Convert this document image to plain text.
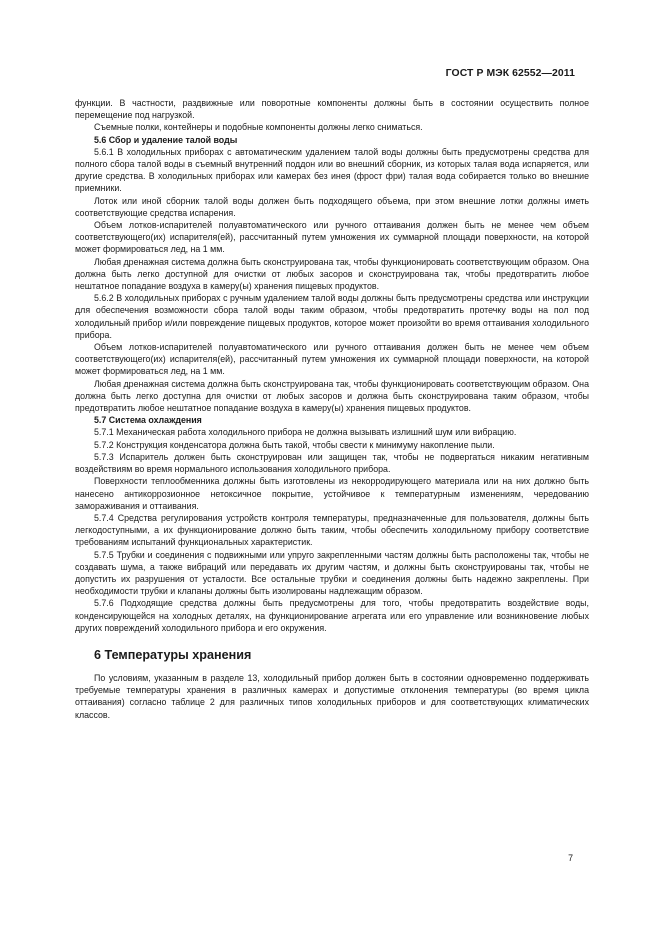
ГОСТ Р МЭК 62552—2011

функции. В частности, раздвижные или поворотные компоненты должны быть в состоянии осуществить полное перемещение под нагрузкой.

Съемные полки, контейнеры и подобные компоненты должны легко сниматься.

5.6 Сбор и удаление талой воды

5.6.1 В холодильных приборах с автоматическим удалением талой воды должны быть предусмотрены средства для полного сбора талой воды в съемный внутренний поддон или во внешний сборник, из которых талая вода испаряется, или другие средства. В холодильных приборах или камерах без инея (фрост фри) талая вода собирается только во внешние приемники.

Лоток или иной сборник талой воды должен быть подходящего объема, при этом внешние лотки должны иметь соответствующие средства испарения.

Объем лотков-испарителей полуавтоматического или ручного оттаивания должен быть не менее чем объем соответствующего(их) испарителя(ей), рассчитанный путем умножения их суммарной площади поверхности, на которой может формироваться лед, на 1 мм.

Любая дренажная система должна быть сконструирована так, чтобы функционировать соответствующим образом. Она должна быть легко доступной для очистки от любых засоров и сконструирована так, чтобы предотвратить любое нештатное попадание воздуха в камеру(ы) хранения пищевых продуктов.

5.6.2 В холодильных приборах с ручным удалением талой воды должны быть предусмотрены средства или инструкции для обеспечения возможности сбора талой воды таким образом, чтобы предотвратить протечку воды на пол под холодильный прибор и/или повреждение пищевых продуктов, которое может произойти во время оттаивания холодильного прибора.

Объем лотков-испарителей полуавтоматического или ручного оттаивания должен быть не менее чем объем соответствующего(их) испарителя(ей), рассчитанный путем умножения их суммарной площади поверхности, на которой может формироваться лед, на 1 мм.

Любая дренажная система должна быть сконструирована так, чтобы функционировать соответствующим образом. Она должна быть легко доступна для очистки от любых засоров и должна быть сконструирована таким образом, чтобы предотвратить любое нештатное попадание воздуха в камеру(ы) хранения пищевых продуктов.

5.7 Система охлаждения

5.7.1 Механическая работа холодильного прибора не должна вызывать излишний шум или вибрацию.

5.7.2 Конструкция конденсатора должна быть такой, чтобы свести к минимуму накопление пыли.

5.7.3 Испаритель должен быть сконструирован или защищен так, чтобы не подвергаться никаким негативным воздействиям во время нормального использования холодильного прибора.

Поверхности теплообменника должны быть изготовлены из некорродирующего материала или на них должно быть нанесено антикоррозионное нетоксичное покрытие, устойчивое к температурным изменениям, чередованию замораживания и оттаивания.

5.7.4 Средства регулирования устройств контроля температуры, предназначенные для пользователя, должны быть легкодоступными, а их функционирование должно быть таким, чтобы обеспечить холодильному прибору соответствие требованиям испытаний функциональных характеристик.

5.7.5 Трубки и соединения с подвижными или упруго закрепленными частям должны быть расположены так, чтобы не создавать шума, а также вибраций или передавать их другим частям, и должны быть сконструированы так, чтобы не допустить их разрушения от усталости. Все остальные трубки и соединения должны быть надежно закреплены. При необходимости трубки и клапаны должны быть изолированы надлежащим образом.

5.7.6 Подходящие средства должны быть предусмотрены для того, чтобы предотвратить воздействие воды, конденсирующейся на холодных деталях, на функционирование агрегата или его управление или возникновение любых других повреждений холодильного прибора и его окружения.

6 Температуры хранения

По условиям, указанным в разделе 13, холодильный прибор должен быть в состоянии одновременно поддерживать требуемые температуры хранения в различных камерах и допустимые отклонения температуры (во время цикла оттаивания) согласно таблице 2 для различных типов холодильных приборов и для соответствующих климатических классов.

7
